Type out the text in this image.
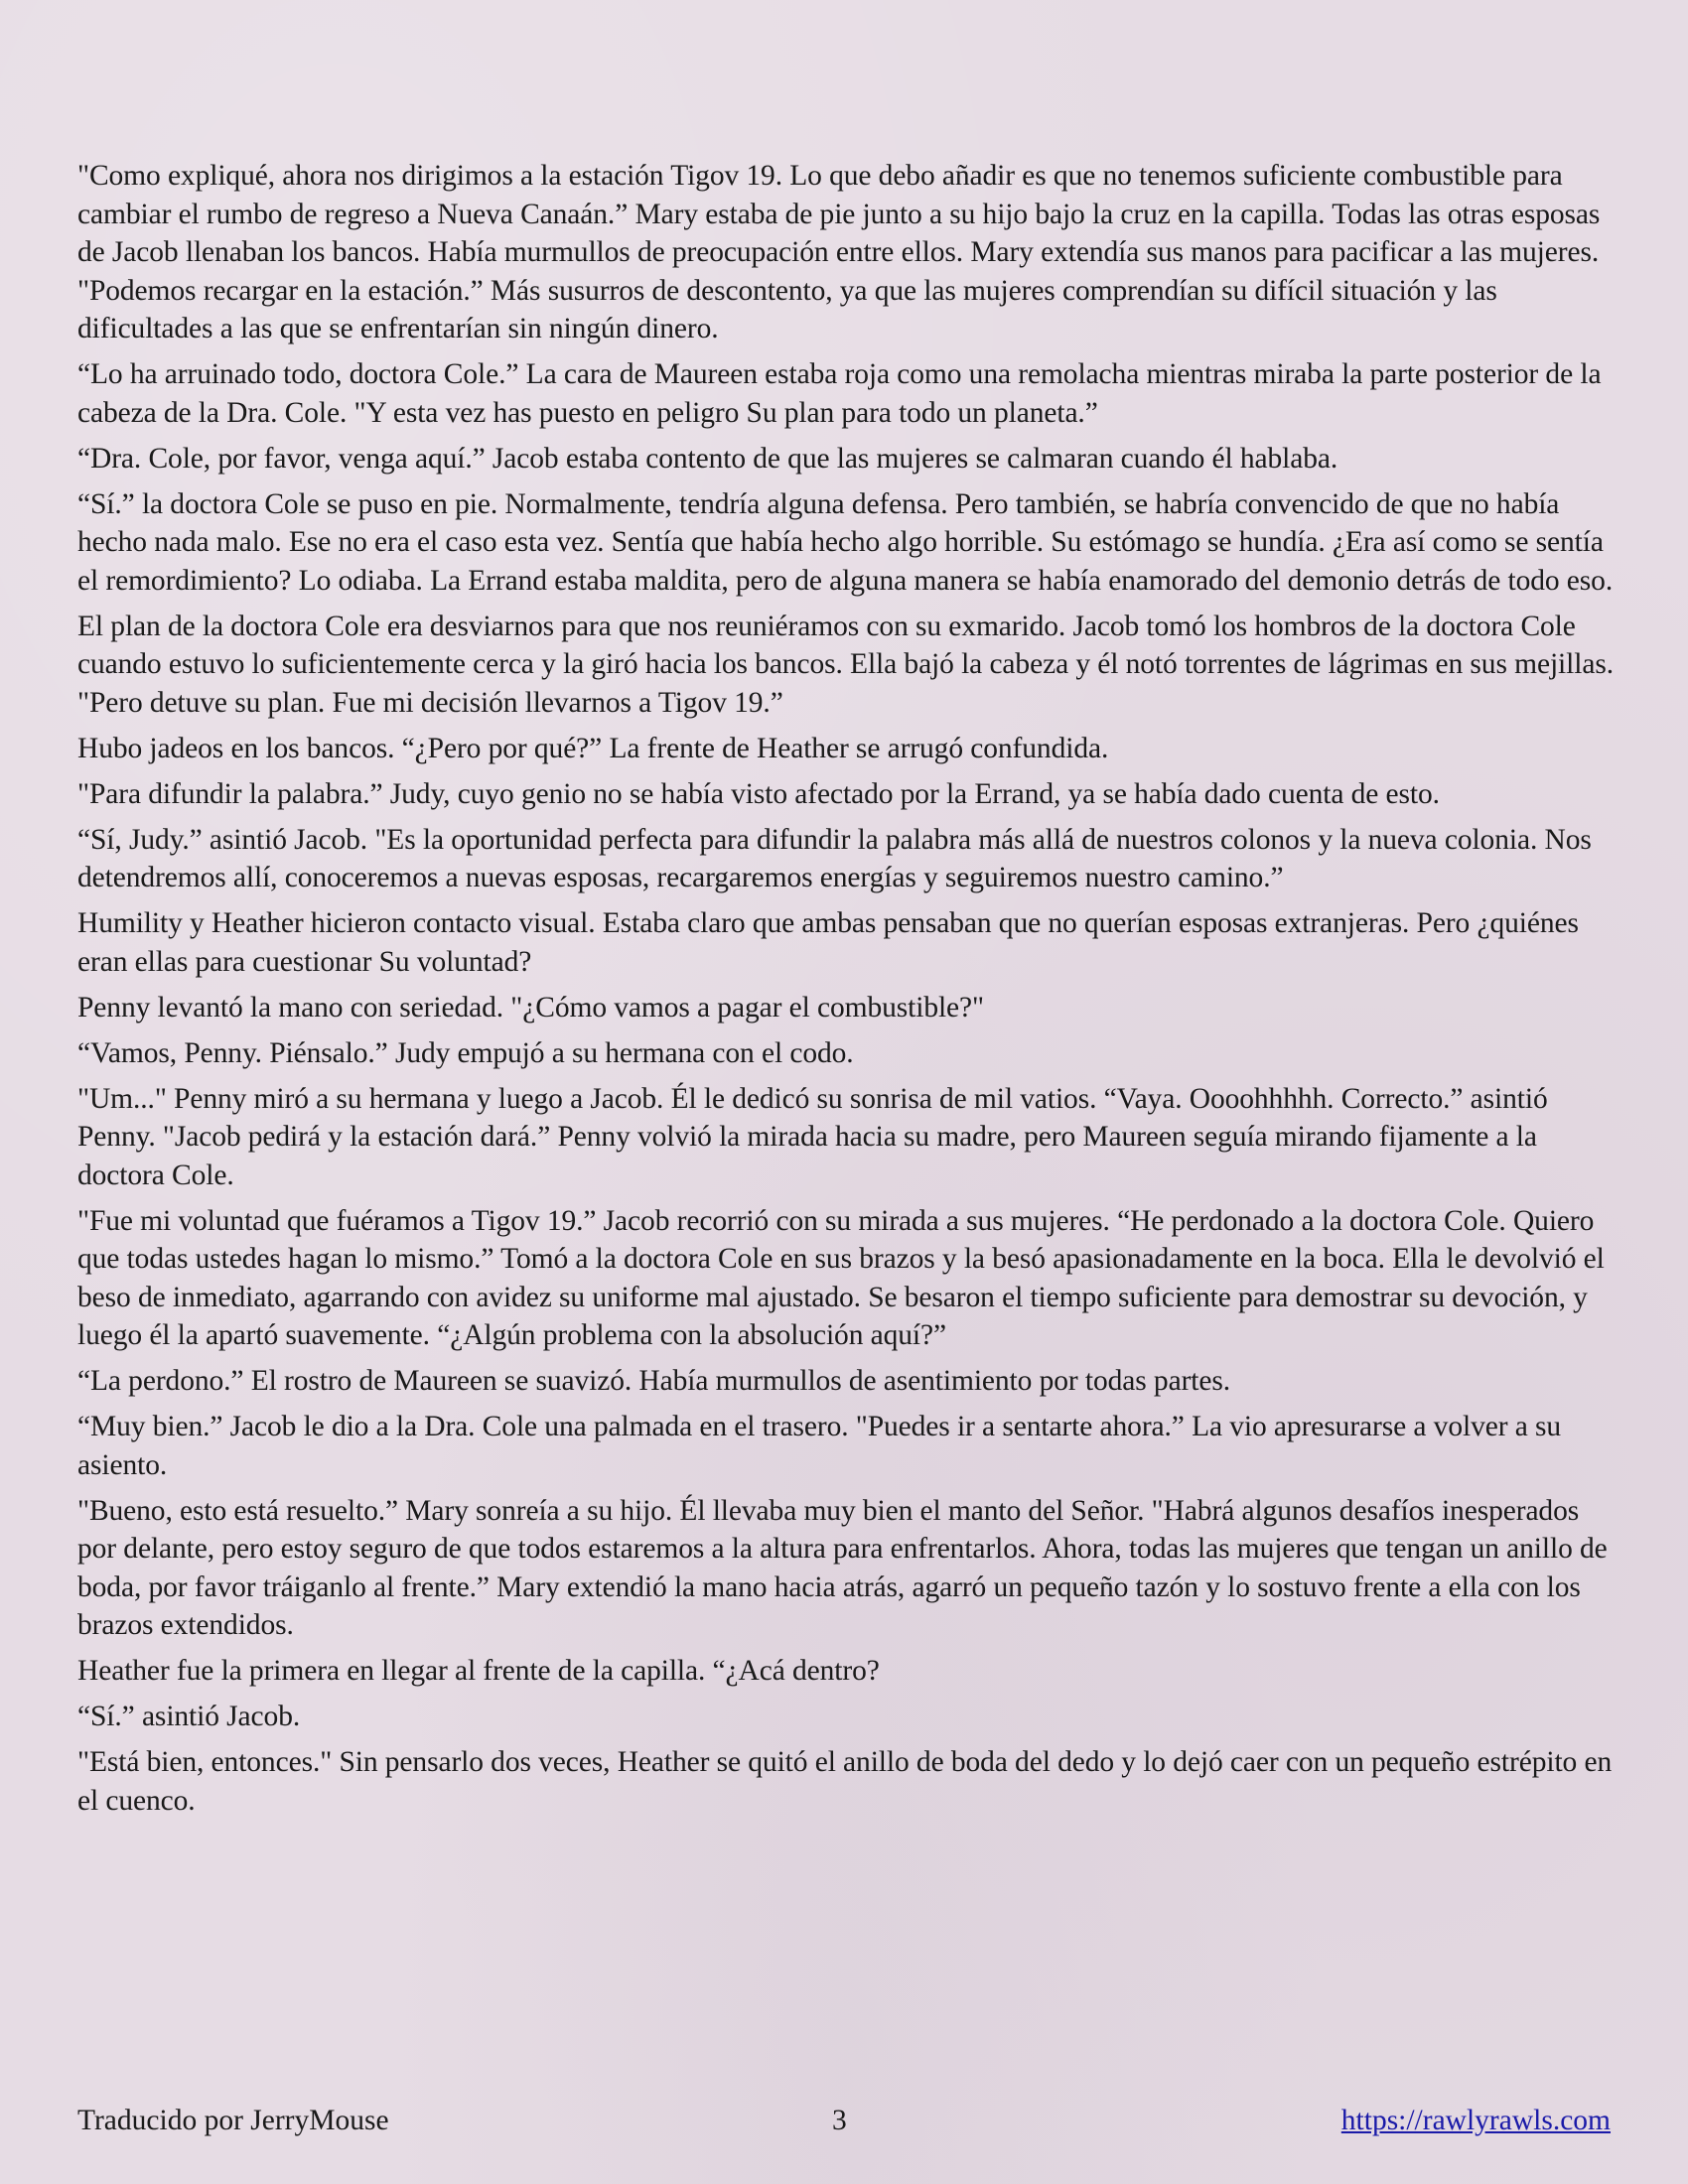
"Como expliqué, ahora nos dirigimos a la estación Tigov 19. Lo que debo añadir es que no tenemos suficiente combustible para cambiar el rumbo de regreso a Nueva Canaán.” Mary estaba de pie junto a su hijo bajo la cruz en la capilla. Todas las otras esposas de Jacob llenaban los bancos. Había murmullos de preocupación entre ellos. Mary extendía sus manos para pacificar a las mujeres. "Podemos recargar en la estación.” Más susurros de descontento, ya que las mujeres comprendían su difícil situación y las dificultades a las que se enfrentarían sin ningún dinero.

“Lo ha arruinado todo, doctora Cole.” La cara de Maureen estaba roja como una remolacha mientras miraba la parte posterior de la cabeza de la Dra. Cole. "Y esta vez has puesto en peligro Su plan para todo un planeta.”

“Dra. Cole, por favor, venga aquí.” Jacob estaba contento de que las mujeres se calmaran cuando él hablaba.

“Sí.” la doctora Cole se puso en pie. Normalmente, tendría alguna defensa. Pero también, se habría convencido de que no había hecho nada malo. Ese no era el caso esta vez. Sentía que había hecho algo horrible. Su estómago se hundía. ¿Era así como se sentía el remordimiento? Lo odiaba. La Errand estaba maldita, pero de alguna manera se había enamorado del demonio detrás de todo eso.

El plan de la doctora Cole era desviarnos para que nos reuniéramos con su exmarido. Jacob tomó los hombros de la doctora Cole cuando estuvo lo suficientemente cerca y la giró hacia los bancos. Ella bajó la cabeza y él notó torrentes de lágrimas en sus mejillas. "Pero detuve su plan. Fue mi decisión llevarnos a Tigov 19.”

Hubo jadeos en los bancos. “¿Pero por qué?” La frente de Heather se arrugó confundida.

"Para difundir la palabra.” Judy, cuyo genio no se había visto afectado por la Errand, ya se había dado cuenta de esto.

“Sí, Judy.” asintió Jacob. "Es la oportunidad perfecta para difundir la palabra más allá de nuestros colonos y la nueva colonia. Nos detendremos allí, conoceremos a nuevas esposas, recargaremos energías y seguiremos nuestro camino.”

Humility y Heather hicieron contacto visual. Estaba claro que ambas pensaban que no querían esposas extranjeras. Pero ¿quiénes eran ellas para cuestionar Su voluntad?

Penny levantó la mano con seriedad. "¿Cómo vamos a pagar el combustible?"

“Vamos, Penny. Piénsalo.” Judy empujó a su hermana con el codo.

"Um..." Penny miró a su hermana y luego a Jacob. Él le dedicó su sonrisa de mil vatios. “Vaya. Oooohhhhh. Correcto.” asintió Penny. "Jacob pedirá y la estación dará.” Penny volvió la mirada hacia su madre, pero Maureen seguía mirando fijamente a la doctora Cole.

"Fue mi voluntad que fuéramos a Tigov 19.” Jacob recorrió con su mirada a sus mujeres. “He perdonado a la doctora Cole. Quiero que todas ustedes hagan lo mismo.” Tomó a la doctora Cole en sus brazos y la besó apasionadamente en la boca. Ella le devolvió el beso de inmediato, agarrando con avidez su uniforme mal ajustado. Se besaron el tiempo suficiente para demostrar su devoción, y luego él la apartó suavemente. “¿Algún problema con la absolución aquí?”

“La perdono.” El rostro de Maureen se suavizó. Había murmullos de asentimiento por todas partes.

“Muy bien.” Jacob le dio a la Dra. Cole una palmada en el trasero. "Puedes ir a sentarte ahora.” La vio apresurarse a volver a su asiento.

"Bueno, esto está resuelto.” Mary sonreía a su hijo. Él llevaba muy bien el manto del Señor. "Habrá algunos desafíos inesperados por delante, pero estoy seguro de que todos estaremos a la altura para enfrentarlos. Ahora, todas las mujeres que tengan un anillo de boda, por favor tráiganlo al frente.” Mary extendió la mano hacia atrás, agarró un pequeño tazón y lo sostuvo frente a ella con los brazos extendidos.

Heather fue la primera en llegar al frente de la capilla. “¿Acá dentro?

“Sí.” asintió Jacob.

"Está bien, entonces." Sin pensarlo dos veces, Heather se quitó el anillo de boda del dedo y lo dejó caer con un pequeño estrépito en el cuenco.

Traducido por JerryMouse	3	https://rawlyrawls.com
